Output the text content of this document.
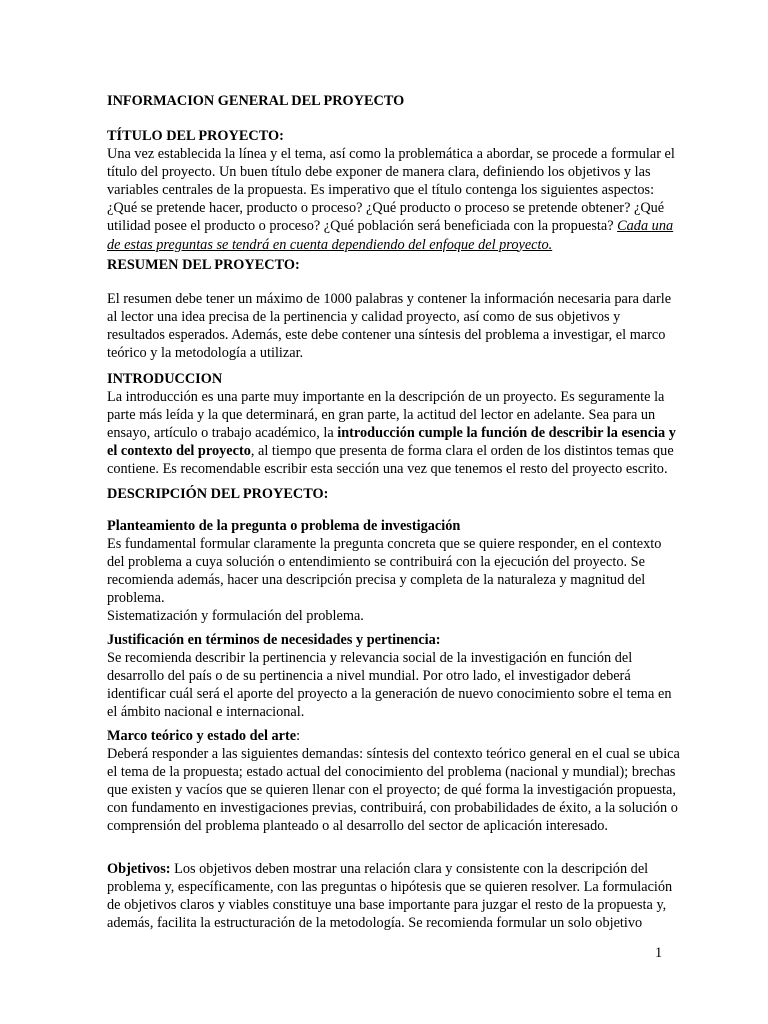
INFORMACION GENERAL DEL PROYECTO
TÍTULO DEL PROYECTO:
Una vez establecida la línea y el tema, así como la problemática a abordar, se procede a formular el
título del proyecto. Un buen título debe exponer de manera clara, definiendo los objetivos y las
variables centrales de la propuesta. Es imperativo que el título contenga los siguientes aspectos:
¿Qué se pretende hacer, producto o proceso? ¿Qué producto o proceso se pretende obtener? ¿Qué
utilidad posee el producto o proceso? ¿Qué población será beneficiada con la propuesta? Cada una
de estas preguntas se tendrá en cuenta dependiendo del enfoque del proyecto.
RESUMEN DEL PROYECTO:
El resumen debe tener un máximo de 1000 palabras y contener la información necesaria para darle
al lector una idea precisa de la pertinencia y calidad proyecto, así como de sus objetivos y
resultados esperados. Además, este debe contener una síntesis del problema a investigar, el marco
teórico y la metodología a utilizar.
INTRODUCCION
La introducción es una parte muy importante en la descripción de un proyecto. Es seguramente la
parte más leída y la que determinará, en gran parte, la actitud del lector en adelante. Sea para un
ensayo, artículo o trabajo académico, la introducción cumple la función de describir la esencia y
el contexto del proyecto, al tiempo que presenta de forma clara el orden de los distintos temas que
contiene. Es recomendable escribir esta sección una vez que tenemos el resto del proyecto escrito.
DESCRIPCIÓN DEL PROYECTO:
Planteamiento de la pregunta o problema de investigación
Es fundamental formular claramente la pregunta concreta que se quiere responder, en el contexto
del problema a cuya solución o entendimiento se contribuirá con la ejecución del proyecto. Se
recomienda además, hacer una descripción precisa y completa de la naturaleza y magnitud del
problema.
Sistematización y formulación del problema.
Justificación en términos de necesidades y pertinencia:
Se recomienda describir la pertinencia y relevancia social de la investigación en función del
desarrollo del país o de su pertinencia a nivel mundial. Por otro lado, el investigador deberá
identificar cuál será el aporte del proyecto a la generación de nuevo conocimiento sobre el tema en
el ámbito nacional e internacional.
Marco teórico y estado del arte:
Deberá responder a las siguientes demandas: síntesis del contexto teórico general en el cual se ubica
el tema de la propuesta; estado actual del conocimiento del problema (nacional y mundial); brechas
que existen y vacíos que se quieren llenar con el proyecto; de qué forma la investigación propuesta,
con fundamento en investigaciones previas, contribuirá, con probabilidades de éxito, a la solución o
comprensión del problema planteado o al desarrollo del sector de aplicación interesado.
Objetivos: Los objetivos deben mostrar una relación clara y consistente con la descripción del
problema y, específicamente, con las preguntas o hipótesis que se quieren resolver. La formulación
de objetivos claros y viables constituye una base importante para juzgar el resto de la propuesta y,
además, facilita la estructuración de la metodología. Se recomienda formular un solo objetivo
1
